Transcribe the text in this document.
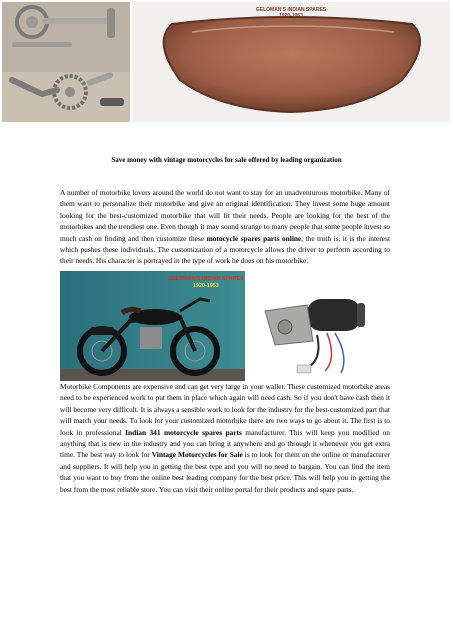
GELOMAN'S INDIAN SPARES
1920-1953
Save money with vintage motorcycles for sale offered by leading organization

A number of motorbike lovers around the world do not want to stay for an unadventurous motorbike. Many of them want to personalize their motorbike and give an original identification. They invest some huge amount looking for the best-customized motorbike that will fit their needs. People are looking for the best of the motorbikes and the trendiest one. Even though it may sound strange to many people that some people invest so much cash on finding and then customize these motocycle spares parts online, the truth is, it is the interest which pushes these individuals. The customization of a motorcycle allows the driver to perform according to their needs. His character is portrayed in the type of work he does on his motorbike.

GELOMAN'S INDIAN SPARES
1920-1953

Motorbike Components are expensive and can get very large in your wallet. These customized motorbike areas need to be experienced work to put them in place which again will need cash. So if you don't have cash then it will become very difficult. It is always a sensible work to look for the industry for the best-customized part that will match your needs. To look for your customized motorbike there are two ways to go about it. The first is to look in professional Indian 341 motorcycle spares parts manufacturer. This will keep you modified on anything that is new in the industry and you can bring it anywhere and go through it whenever you get extra time. The best way to look for Vintage Motorcycles for Sale is to look for them on the online or manufacturer and suppliers. It will help you in getting the best type and you will no need to bargain. You can find the item that you want to buy from the online best leading company for the best price. This will help you in getting the best from the most reliable store. You can visit their online portal for their products and spare parts.
